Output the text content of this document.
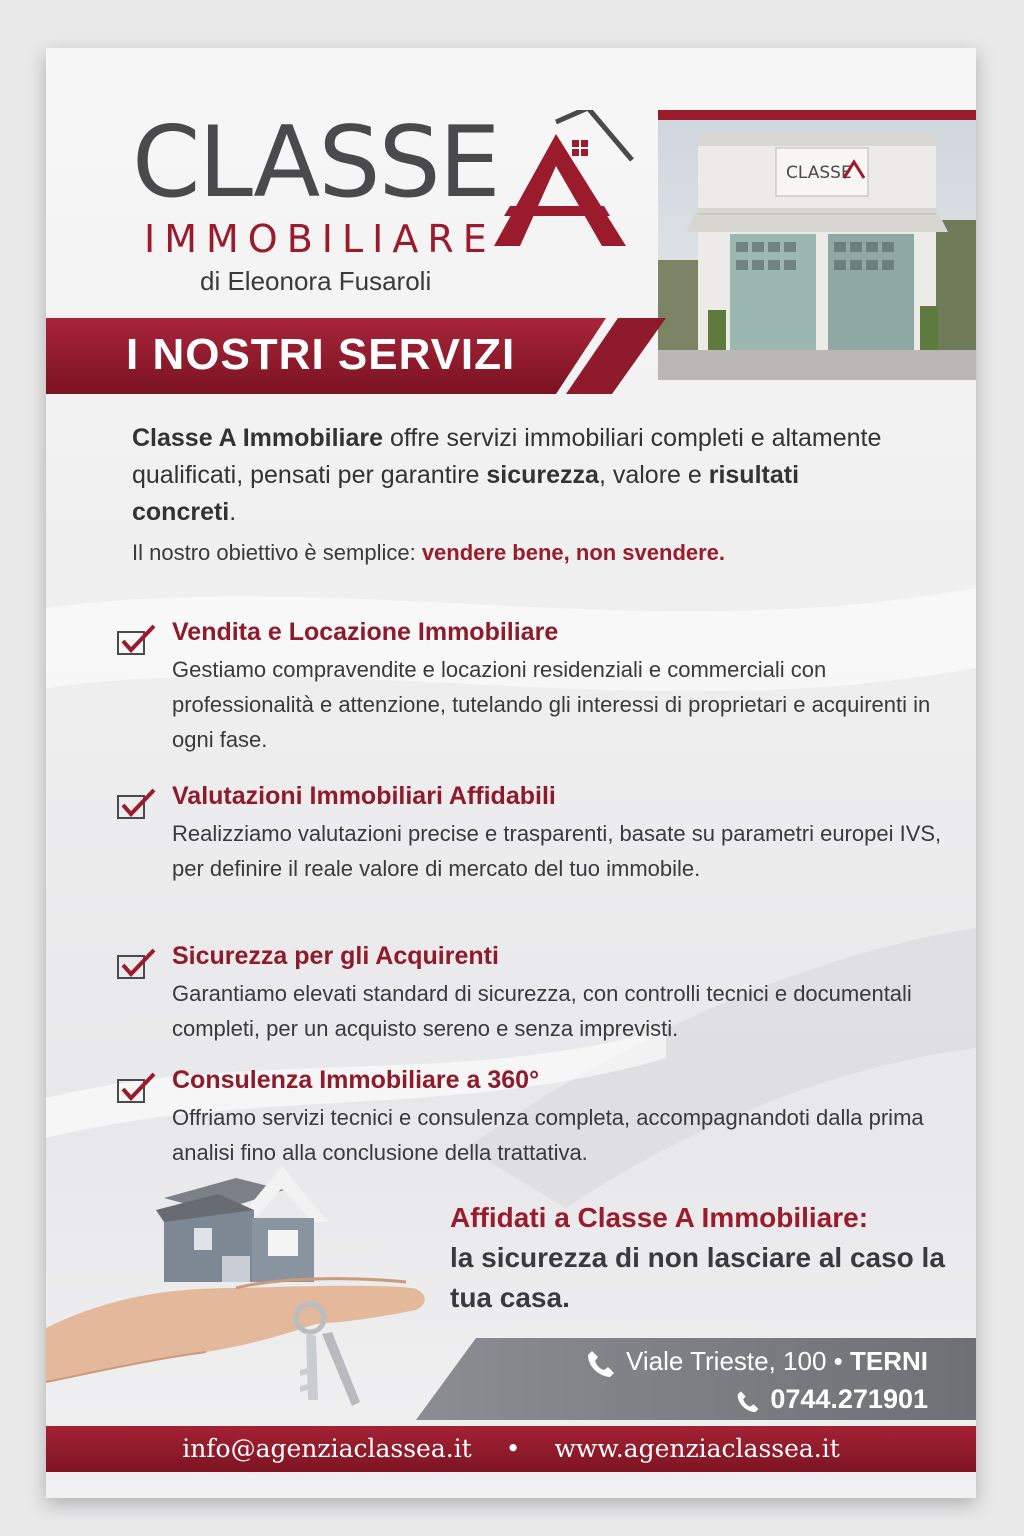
CLASSE
IMMOBILIARE
di Eleonora Fusaroli
CLASSE
I NOSTRI SERVIZI
Classe A Immobiliare offre servizi immobiliari completi e altamente qualificati, pensati per garantire sicurezza, valore e risultati concreti.
Il nostro obiettivo è semplice: vendere bene, non svendere.
Vendita e Locazione Immobiliare
Gestiamo compravendite e locazioni residenziali e commerciali con professionalità e attenzione, tutelando gli interessi di proprietari e acquirenti in ogni fase.
Valutazioni Immobiliari Affidabili
Realizziamo valutazioni precise e trasparenti, basate su parametri europei IVS, per definire il reale valore di mercato del tuo immobile.
Sicurezza per gli Acquirenti
Garantiamo elevati standard di sicurezza, con controlli tecnici e documentali completi, per un acquisto sereno e senza imprevisti.
Consulenza Immobiliare a 360°
Offriamo servizi tecnici e consulenza completa, accompagnandoti dalla prima analisi fino alla conclusione della trattativa.
Affidati a Classe A Immobiliare:
la sicurezza di non lasciare al caso la tua casa.
Viale Trieste, 100 • TERNI
0744.271901
info@agenziaclassea.it • www.agenziaclassea.it
